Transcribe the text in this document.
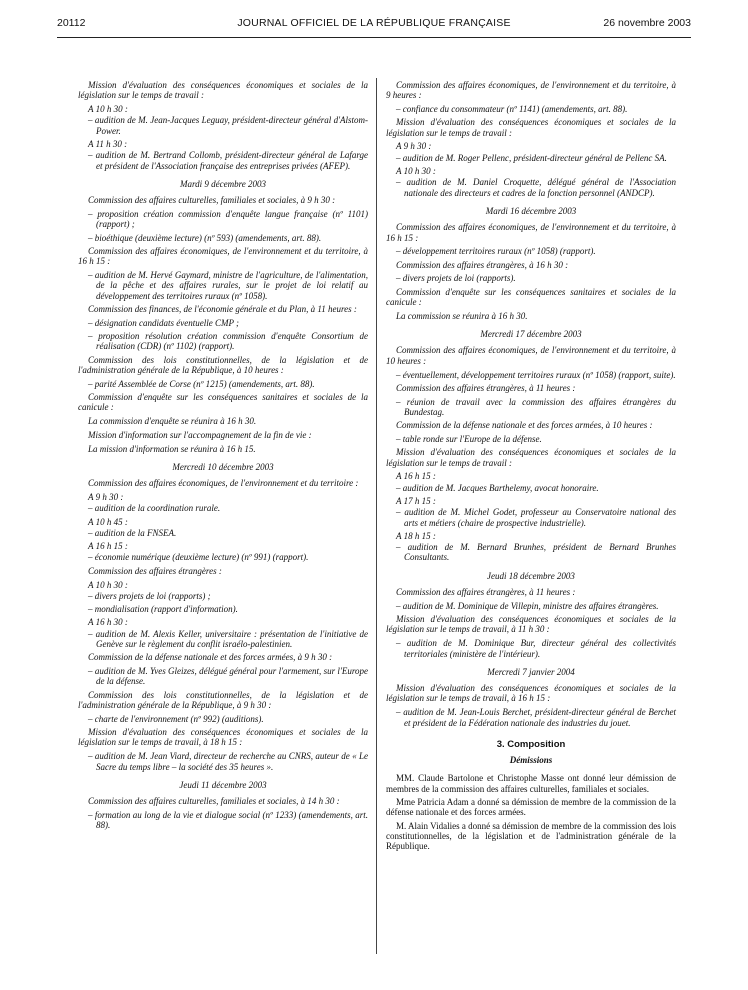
20112	JOURNAL OFFICIEL DE LA RÉPUBLIQUE FRANÇAISE	26 novembre 2003
Mission d'évaluation des conséquences économiques et sociales de la législation sur le temps de travail :
A 10 h 30 :
– audition de M. Jean-Jacques Leguay, président-directeur général d'Alstom-Power.
A 11 h 30 :
– audition de M. Bertrand Collomb, président-directeur général de Lafarge et président de l'Association française des entreprises privées (AFEP).
Mardi 9 décembre 2003
Commission des affaires culturelles, familiales et sociales, à 9 h 30 :
– proposition création commission d'enquête langue française (nº 1101) (rapport) ;
– bioéthique (deuxième lecture) (nº 593) (amendements, art. 88).
Commission des affaires économiques, de l'environnement et du territoire, à 16 h 15 :
– audition de M. Hervé Gaymard, ministre de l'agriculture, de l'alimentation, de la pêche et des affaires rurales, sur le projet de loi relatif au développement des territoires ruraux (nº 1058).
Commission des finances, de l'économie générale et du Plan, à 11 heures :
– désignation candidats éventuelle CMP ;
– proposition résolution création commission d'enquête Consortium de réalisation (CDR) (nº 1102) (rapport).
Commission des lois constitutionnelles, de la législation et de l'administration générale de la République, à 10 heures :
– parité Assemblée de Corse (nº 1215) (amendements, art. 88).
Commission d'enquête sur les conséquences sanitaires et sociales de la canicule :
La commission d'enquête se réunira à 16 h 30.
Mission d'information sur l'accompagnement de la fin de vie :
La mission d'information se réunira à 16 h 15.
Mercredi 10 décembre 2003
Commission des affaires économiques, de l'environnement et du territoire :
A 9 h 30 :
– audition de la coordination rurale.
A 10 h 45 :
– audition de la FNSEA.
A 16 h 15 :
– économie numérique (deuxième lecture) (nº 991) (rapport).
Commission des affaires étrangères :
A 10 h 30 :
– divers projets de loi (rapports) ;
– mondialisation (rapport d'information).
A 16 h 30 :
– audition de M. Alexis Keller, universitaire : présentation de l'initiative de Genève sur le règlement du conflit israélo-palestinien.
Commission de la défense nationale et des forces armées, à 9 h 30 :
– audition de M. Yves Gleizes, délégué général pour l'armement, sur l'Europe de la défense.
Commission des lois constitutionnelles, de la législation et de l'administration générale de la République, à 9 h 30 :
– charte de l'environnement (nº 992) (auditions).
Mission d'évaluation des conséquences économiques et sociales de la législation sur le temps de travail, à 18 h 15 :
– audition de M. Jean Viard, directeur de recherche au CNRS, auteur de « Le Sacre du temps libre – la société des 35 heures ».
Jeudi 11 décembre 2003
Commission des affaires culturelles, familiales et sociales, à 14 h 30 :
– formation au long de la vie et dialogue social (nº 1233) (amendements, art. 88).
Commission des affaires économiques, de l'environnement et du territoire, à 9 heures :
– confiance du consommateur (nº 1141) (amendements, art. 88).
Mission d'évaluation des conséquences économiques et sociales de la législation sur le temps de travail :
A 9 h 30 :
– audition de M. Roger Pellenc, président-directeur général de Pellenc SA.
A 10 h 30 :
– audition de M. Daniel Croquette, délégué général de l'Association nationale des directeurs et cadres de la fonction personnel (ANDCP).
Mardi 16 décembre 2003
Commission des affaires économiques, de l'environnement et du territoire, à 16 h 15 :
– développement territoires ruraux (nº 1058) (rapport).
Commission des affaires étrangères, à 16 h 30 :
– divers projets de loi (rapports).
Commission d'enquête sur les conséquences sanitaires et sociales de la canicule :
La commission se réunira à 16 h 30.
Mercredi 17 décembre 2003
Commission des affaires économiques, de l'environnement et du territoire, à 10 heures :
– éventuellement, développement territoires ruraux (nº 1058) (rapport, suite).
Commission des affaires étrangères, à 11 heures :
– réunion de travail avec la commission des affaires étrangères du Bundestag.
Commission de la défense nationale et des forces armées, à 10 heures :
– table ronde sur l'Europe de la défense.
Mission d'évaluation des conséquences économiques et sociales de la législation sur le temps de travail :
A 16 h 15 :
– audition de M. Jacques Barthelemy, avocat honoraire.
A 17 h 15 :
– audition de M. Michel Godet, professeur au Conservatoire national des arts et métiers (chaire de prospective industrielle).
A 18 h 15 :
– audition de M. Bernard Brunhes, président de Bernard Brunhes Consultants.
Jeudi 18 décembre 2003
Commission des affaires étrangères, à 11 heures :
– audition de M. Dominique de Villepin, ministre des affaires étrangères.
Mission d'évaluation des conséquences économiques et sociales de la législation sur le temps de travail, à 11 h 30 :
– audition de M. Dominique Bur, directeur général des collectivités territoriales (ministère de l'intérieur).
Mercredi 7 janvier 2004
Mission d'évaluation des conséquences économiques et sociales de la législation sur le temps de travail, à 16 h 15 :
– audition de M. Jean-Louis Berchet, président-directeur général de Berchet et président de la Fédération nationale des industries du jouet.
3. Composition
Démissions
MM. Claude Bartolone et Christophe Masse ont donné leur démission de membres de la commission des affaires culturelles, familiales et sociales.
Mme Patricia Adam a donné sa démission de membre de la commission de la défense nationale et des forces armées.
M. Alain Vidalies a donné sa démission de membre de la commission des lois constitutionnelles, de la législation et de l'administration générale de la République.
